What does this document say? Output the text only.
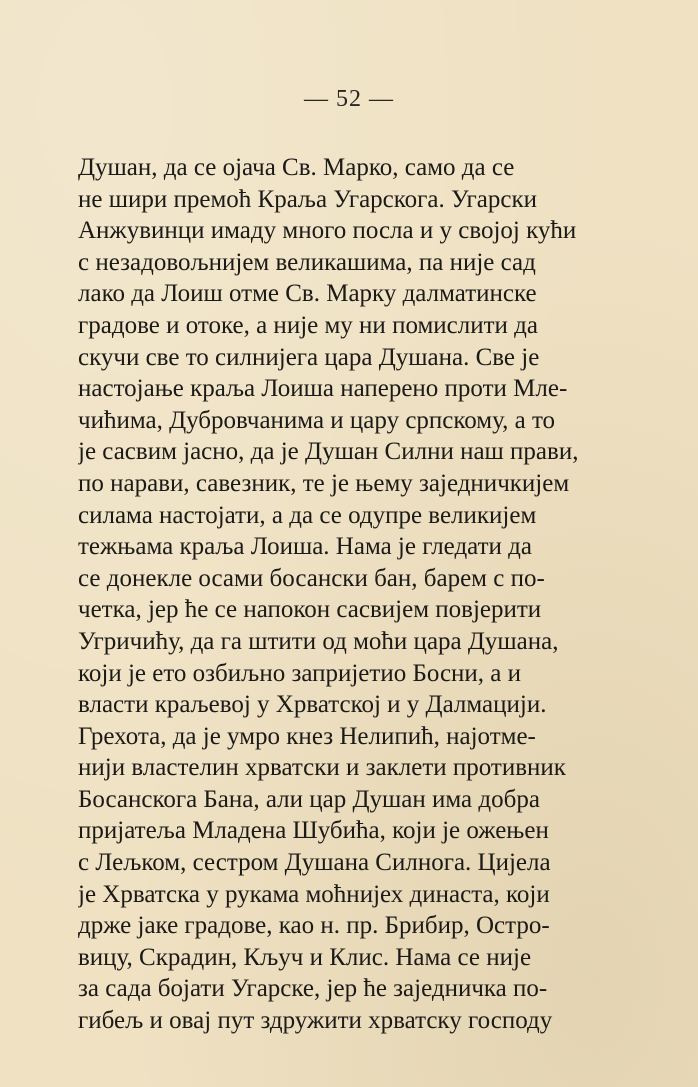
— 52 —
Душан, да се ојача Св. Марко, само да се
не шири премоћ Краља Угарскога. Угарски
Анжувинци имаду много посла и у својој кући
с незадовољнијем великашима, па није сад
лако да Лоиш отме Св. Марку далматинске
градове и отоке, а није му ни помислити да
скучи све то силнијега цара Душана. Све је
настојање краља Лоиша наперено проти Мле-
чићима, Дубровчанима и цару српскому, а то
је сасвим јасно, да је Душан Силни наш прави,
по нарави, савезник, те је њему заједничкијем
силама настојати, а да се одупре великијем
тежњама краља Лоиша. Нама је гледати да
се донекле осами босански бан, барем с по-
четка, јер ће се напокон сасвијем повјерити
Угричићу, да га штити од моћи цара Душана,
који је ето озбиљно запријетио Босни, а и
власти краљевој у Хрватској и у Далмацији.
Грехота, да је умро кнез Нелипић, најотме-
нији властелин хрватски и заклети противник
Босанскога Бана, али цар Душан има добра
пријатеља Младена Шубића, који је ожењен
с Лељком, сестром Душана Силнога. Цијела
је Хрватска у рукама моћнијех династа, који
држе јаке градове, као н. пр. Брибир, Остро-
вицу, Скрадин, Кључ и Клис. Нама се није
за сада бојати Угарске, јер ће заједничка по-
гибељ и овај пут здружити хрватску господу
